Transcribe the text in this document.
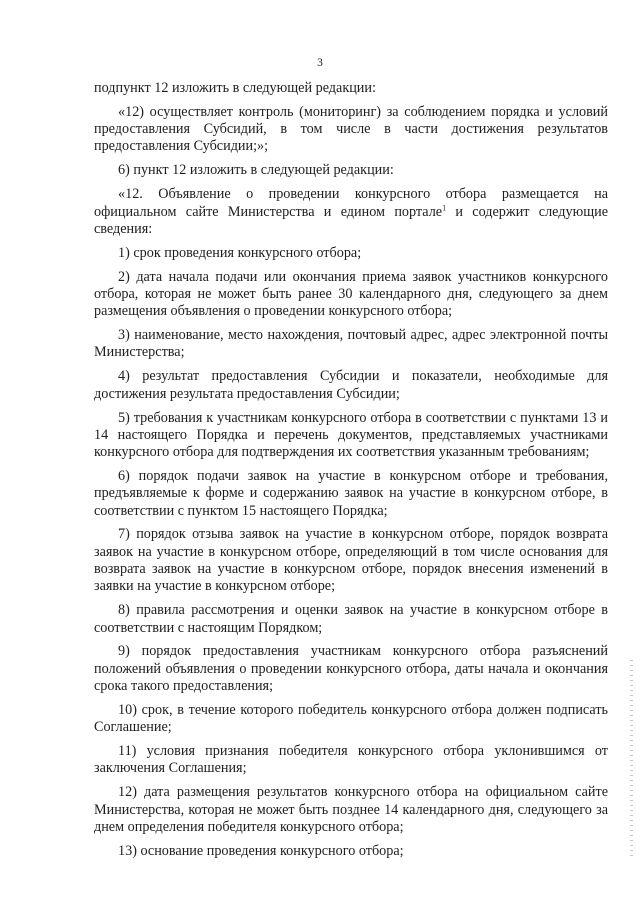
3

подпункт 12 изложить в следующей редакции:

«12) осуществляет контроль (мониторинг) за соблюдением порядка и условий предоставления Субсидий, в том числе в части достижения результатов предоставления Субсидии;»;

6) пункт 12 изложить в следующей редакции:

«12. Объявление о проведении конкурсного отбора размещается на официальном сайте Министерства и едином портале$^1$ и содержит следующие сведения:

1) срок проведения конкурсного отбора;

2) дата начала подачи или окончания приема заявок участников конкурсного отбора, которая не может быть ранее 30 календарного дня, следующего за днем размещения объявления о проведении конкурсного отбора;

3) наименование, место нахождения, почтовый адрес, адрес электронной почты Министерства;

4) результат предоставления Субсидии и показатели, необходимые для достижения результата предоставления Субсидии;

5) требования к участникам конкурсного отбора в соответствии с пунктами 13 и 14 настоящего Порядка и перечень документов, представляемых участниками конкурсного отбора для подтверждения их соответствия указанным требованиям;

6) порядок подачи заявок на участие в конкурсном отборе и требования, предъявляемые к форме и содержанию заявок на участие в конкурсном отборе, в соответствии с пунктом 15 настоящего Порядка;

7) порядок отзыва заявок на участие в конкурсном отборе, порядок возврата заявок на участие в конкурсном отборе, определяющий в том числе основания для возврата заявок на участие в конкурсном отборе, порядок внесения изменений в заявки на участие в конкурсном отборе;

8) правила рассмотрения и оценки заявок на участие в конкурсном отборе в соответствии с настоящим Порядком;

9) порядок предоставления участникам конкурсного отбора разъяснений положений объявления о проведении конкурсного отбора, даты начала и окончания срока такого предоставления;

10) срок, в течение которого победитель конкурсного отбора должен подписать Соглашение;

11) условия признания победителя конкурсного отбора уклонившимся от заключения Соглашения;

12) дата размещения результатов конкурсного отбора на официальном сайте Министерства, которая не может быть позднее 14 календарного дня, следующего за днем определения победителя конкурсного отбора;

13) основание проведения конкурсного отбора;
